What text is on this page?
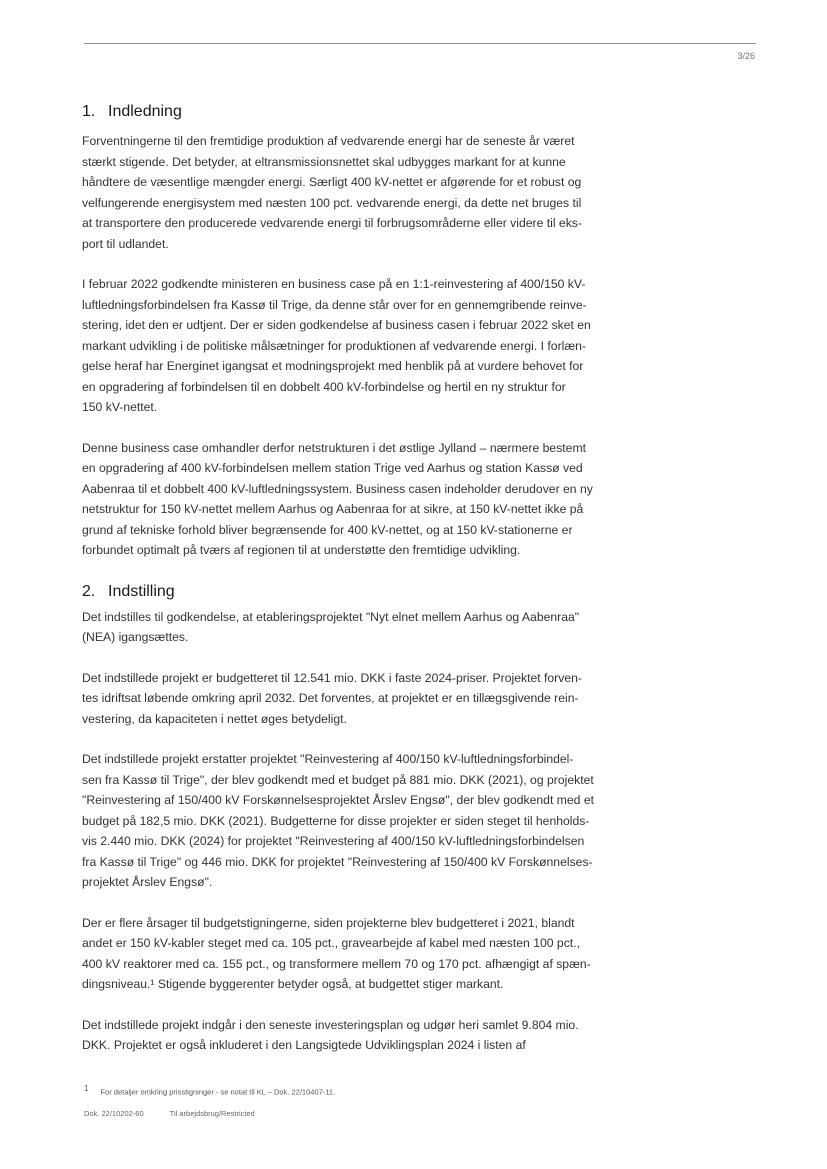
3/26
1. Indledning

Forventningerne til den fremtidige produktion af vedvarende energi har de seneste år været
stærkt stigende. Det betyder, at eltransmissionsnettet skal udbygges markant for at kunne
håndtere de væsentlige mængder energi. Særligt 400 kV-nettet er afgørende for et robust og
velfungerende energisystem med næsten 100 pct. vedvarende energi, da dette net bruges til
at transportere den producerede vedvarende energi til forbrugsområderne eller videre til eks-
port til udlandet.

I februar 2022 godkendte ministeren en business case på en 1:1-reinvestering af 400/150 kV-
luftledningsforbindelsen fra Kassø til Trige, da denne står over for en gennemgribende reinve-
stering, idet den er udtjent. Der er siden godkendelse af business casen i februar 2022 sket en
markant udvikling i de politiske målsætninger for produktionen af vedvarende energi. I forlæn-
gelse heraf har Energinet igangsat et modningsprojekt med henblik på at vurdere behovet for
en opgradering af forbindelsen til en dobbelt 400 kV-forbindelse og hertil en ny struktur for
150 kV-nettet.

Denne business case omhandler derfor netstrukturen i det østlige Jylland – nærmere bestemt
en opgradering af 400 kV-forbindelsen mellem station Trige ved Aarhus og station Kassø ved
Aabenraa til et dobbelt 400 kV-luftledningssystem. Business casen indeholder derudover en ny
netstruktur for 150 kV-nettet mellem Aarhus og Aabenraa for at sikre, at 150 kV-nettet ikke på
grund af tekniske forhold bliver begrænsende for 400 kV-nettet, og at 150 kV-stationerne er
forbundet optimalt på tværs af regionen til at understøtte den fremtidige udvikling.

2. Indstilling

Det indstilles til godkendelse, at etableringsprojektet "Nyt elnet mellem Aarhus og Aabenraa"
(NEA) igangsættes.

Det indstillede projekt er budgetteret til 12.541 mio. DKK i faste 2024-priser. Projektet forven-
tes idriftsat løbende omkring april 2032. Det forventes, at projektet er en tillægsgivende rein-
vestering, da kapaciteten i nettet øges betydeligt.

Det indstillede projekt erstatter projektet "Reinvestering af 400/150 kV-luftledningsforbindel-
sen fra Kassø til Trige", der blev godkendt med et budget på 881 mio. DKK (2021), og projektet
"Reinvestering af 150/400 kV Forskønnelsesprojektet Årslev Engsø", der blev godkendt med et
budget på 182,5 mio. DKK (2021). Budgetterne for disse projekter er siden steget til henholds-
vis 2.440 mio. DKK (2024) for projektet "Reinvestering af 400/150 kV-luftledningsforbindelsen
fra Kassø til Trige" og 446 mio. DKK for projektet "Reinvestering af 150/400 kV Forskønnelses-
projektet Årslev Engsø".

Der er flere årsager til budgetstigningerne, siden projekterne blev budgetteret i 2021, blandt
andet er 150 kV-kabler steget med ca. 105 pct., gravearbejde af kabel med næsten 100 pct.,
400 kV reaktorer med ca. 155 pct., og transformere mellem 70 og 170 pct. afhængigt af spæn-
dingsniveau.¹ Stigende byggerenter betyder også, at budgettet stiger markant.

Det indstillede projekt indgår i den seneste investeringsplan og udgør heri samlet 9.804 mio.
DKK. Projektet er også inkluderet i den Langsigtede Udviklingsplan 2024 i listen af

$^1$ For detaljer omkring prisstigninger - se notat til KL – Dok. 22/10407-11.
Dok. 22/10202-60	Til arbejdsbrug/Restricted
